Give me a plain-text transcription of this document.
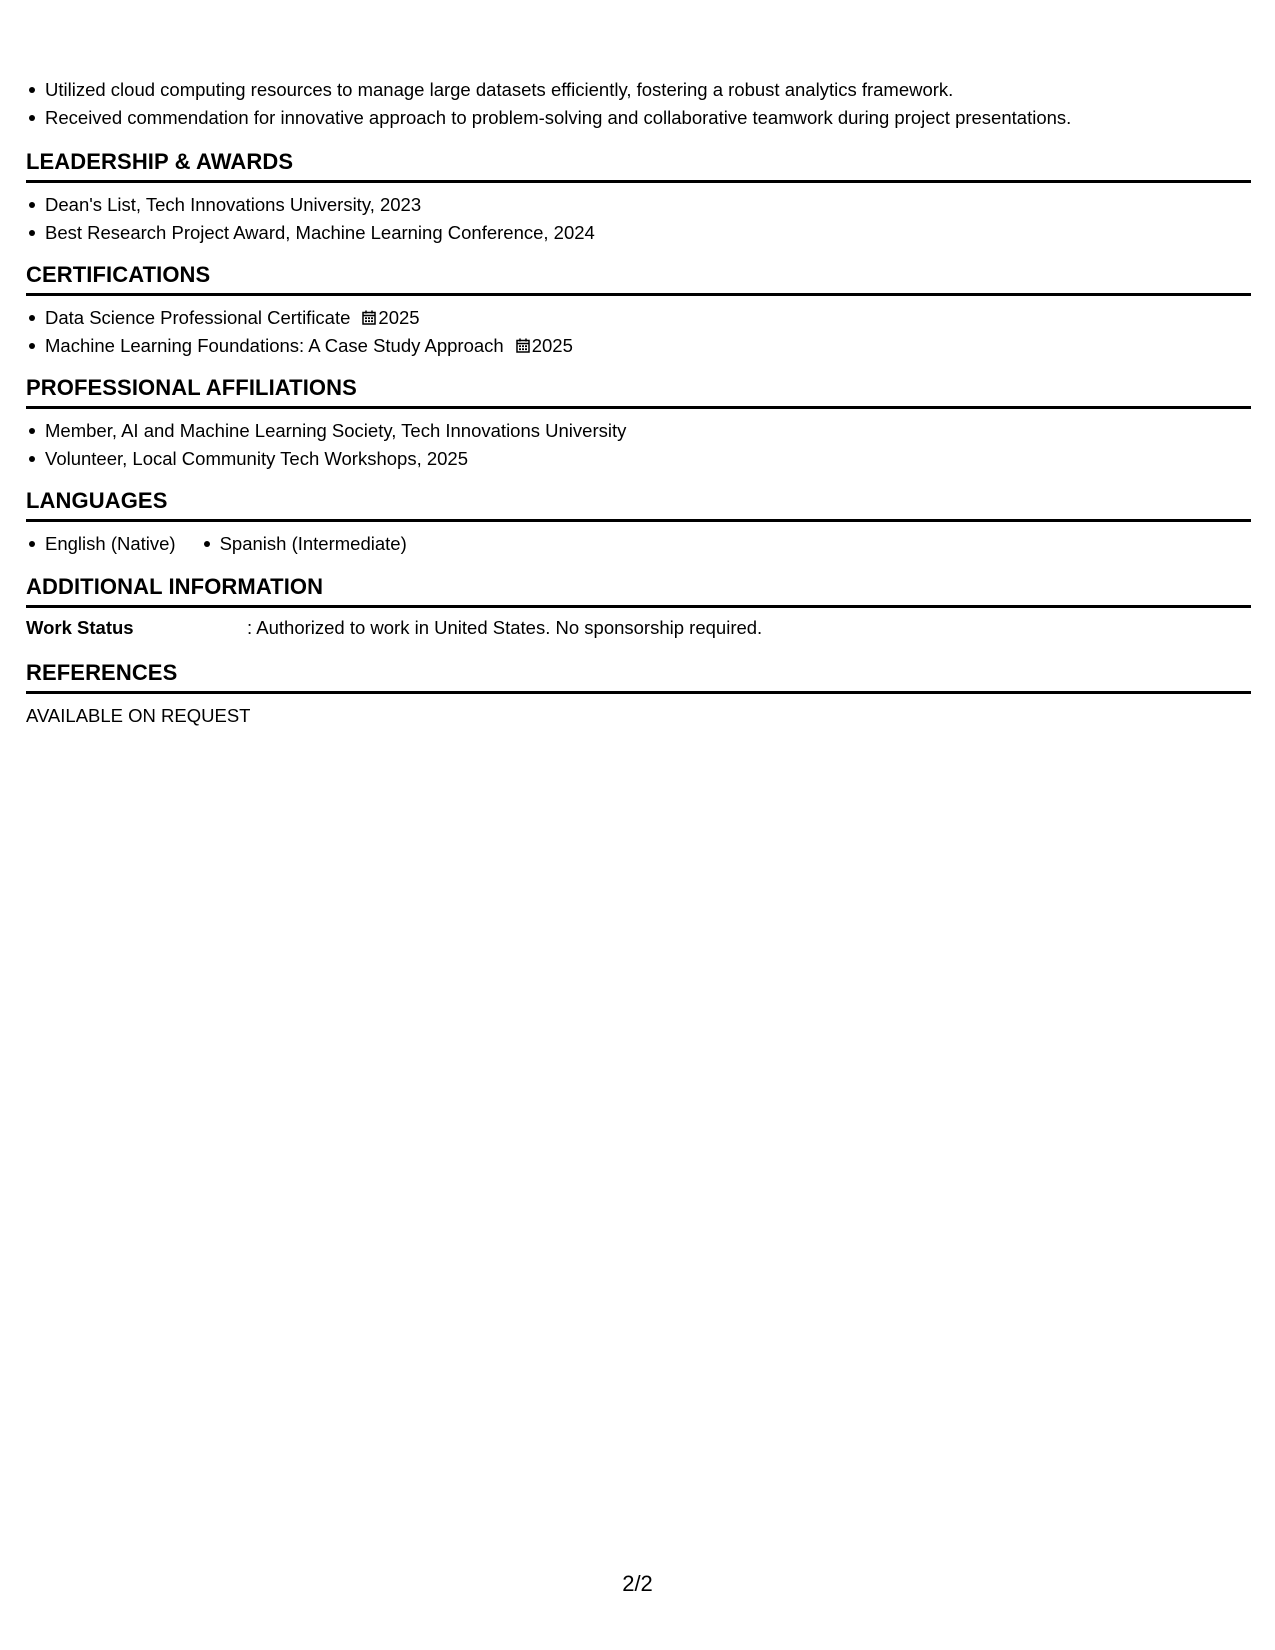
Utilized cloud computing resources to manage large datasets efficiently, fostering a robust analytics framework.
Received commendation for innovative approach to problem-solving and collaborative teamwork during project presentations.
LEADERSHIP & AWARDS
Dean's List, Tech Innovations University, 2023
Best Research Project Award, Machine Learning Conference, 2024
CERTIFICATIONS
Data Science Professional Certificate 2025
Machine Learning Foundations: A Case Study Approach 2025
PROFESSIONAL AFFILIATIONS
Member, AI and Machine Learning Society, Tech Innovations University
Volunteer, Local Community Tech Workshops, 2025
LANGUAGES
English (Native) Spanish (Intermediate)
ADDITIONAL INFORMATION
Work Status	: Authorized to work in United States. No sponsorship required.
REFERENCES
AVAILABLE ON REQUEST
2/2
